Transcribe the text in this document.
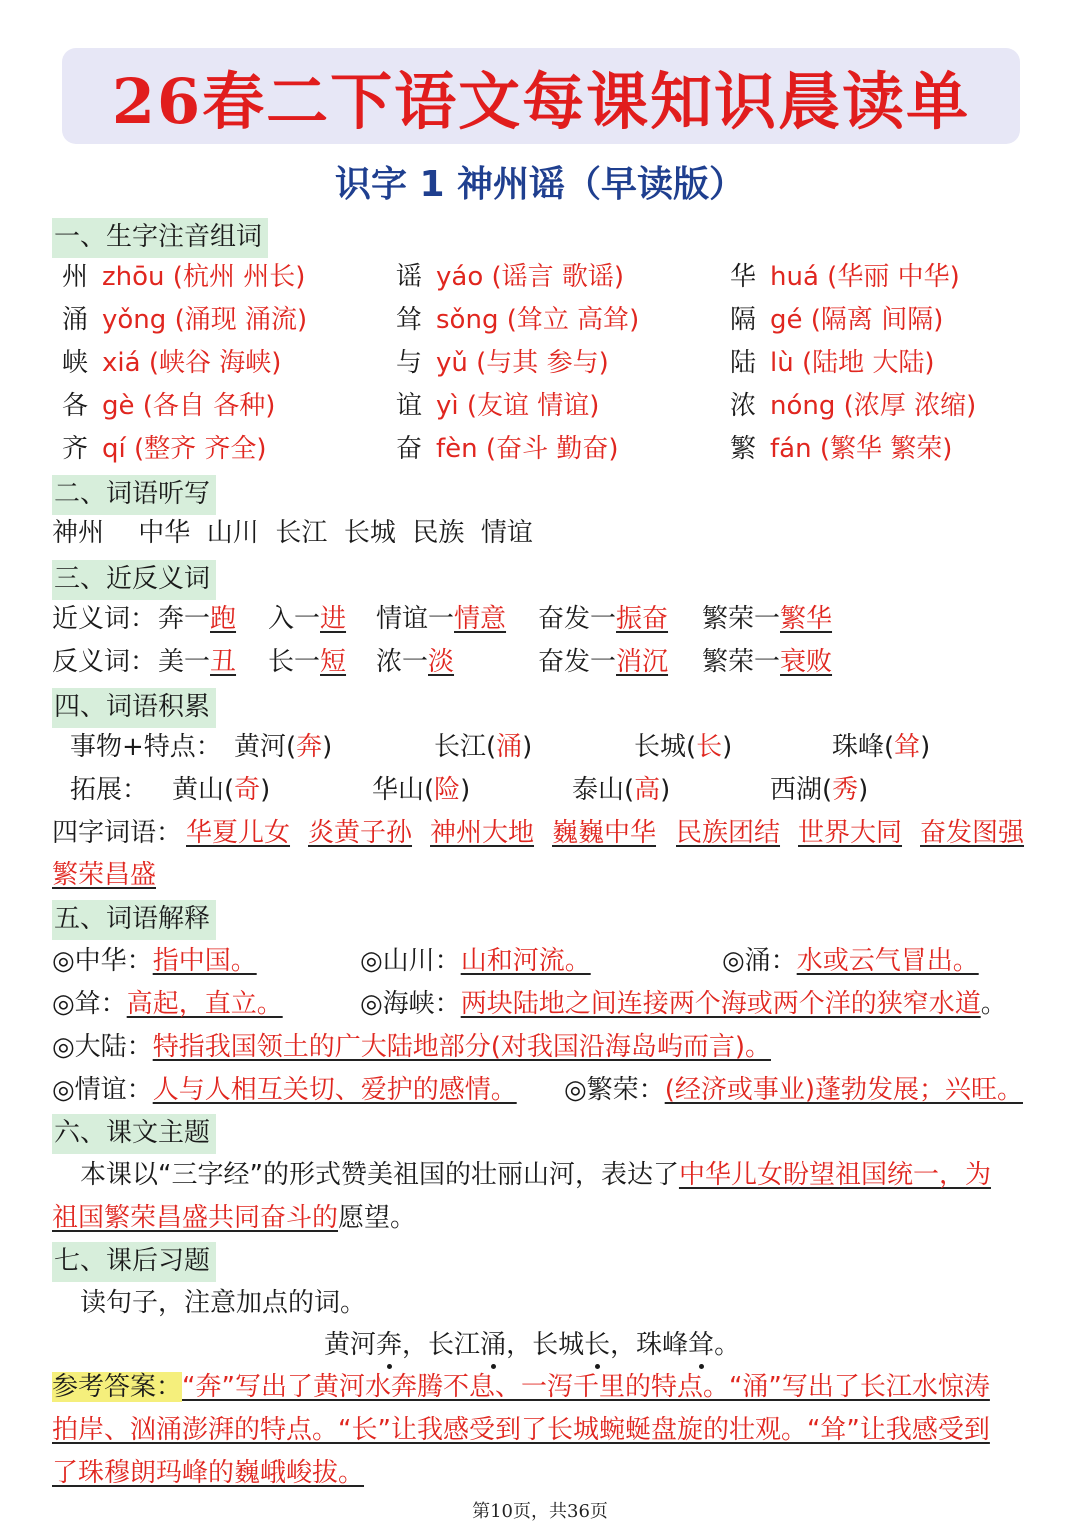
26春二下语文每课知识晨读单
识字 1 神州谣（早读版）
一、生字注音组词
州 zhōu (杭州 州长)	谣 yáo (谣言 歌谣)	华 huá (华丽 中华)
涌 yǒng (涌现 涌流)	耸 sǒng (耸立 高耸)	隔 gé (隔离 间隔)
峡 xiá (峡谷 海峡)	与 yǔ (与其 参与)	陆 lù (陆地 大陆)
各 gè (各自 各种)	谊 yì (友谊 情谊)	浓 nóng (浓厚 浓缩)
齐 qí (整齐 齐全)	奋 fèn (奋斗 勤奋)	繁 fán (繁华 繁荣)
二、词语听写
神州　 中华  山川  长江  长城  民族  情谊
三、近反义词
近义词： 奔一跑 入一进 情谊一情意 奋发一振奋 繁荣一繁华
反义词： 美一丑 长一短 浓一淡	奋发一消沉 繁荣一衰败
四、词语积累
事物+特点： 黄河(奔)	长江(涌)	长城(长)	珠峰(耸)
拓展： 黄山(奇)	华山(险)	泰山(高)	西湖(秀)
四字词语： 华夏儿女 炎黄子孙 神州大地 巍巍中华 民族团结 世界大同 奋发图强
繁荣昌盛
五、词语解释
◎中华：指中国。	◎山川：山和河流。	◎涌：水或云气冒出。
◎耸：高起，直立。	◎海峡：两块陆地之间连接两个海或两个洋的狭窄水道。
◎大陆：特指我国领土的广大陆地部分(对我国沿海岛屿而言)。
◎情谊：人与人相互关切、爱护的感情。 ◎繁荣：(经济或事业)蓬勃发展；兴旺。
六、课文主题
本课以“三字经”的形式赞美祖国的壮丽山河，表达了中华儿女盼望祖国统一，为
祖国繁荣昌盛共同奋斗的愿望。
七、课后习题
读句子，注意加点的词。
黄河奔，长江涌，长城长，珠峰耸。
参考答案：“奔”写出了黄河水奔腾不息、一泻千里的特点。“涌”写出了长江水惊涛
拍岸、汹涌澎湃的特点。“长”让我感受到了长城蜿蜒盘旋的壮观。“耸”让我感受到
了珠穆朗玛峰的巍峨峻拔。
第10页，共36页
